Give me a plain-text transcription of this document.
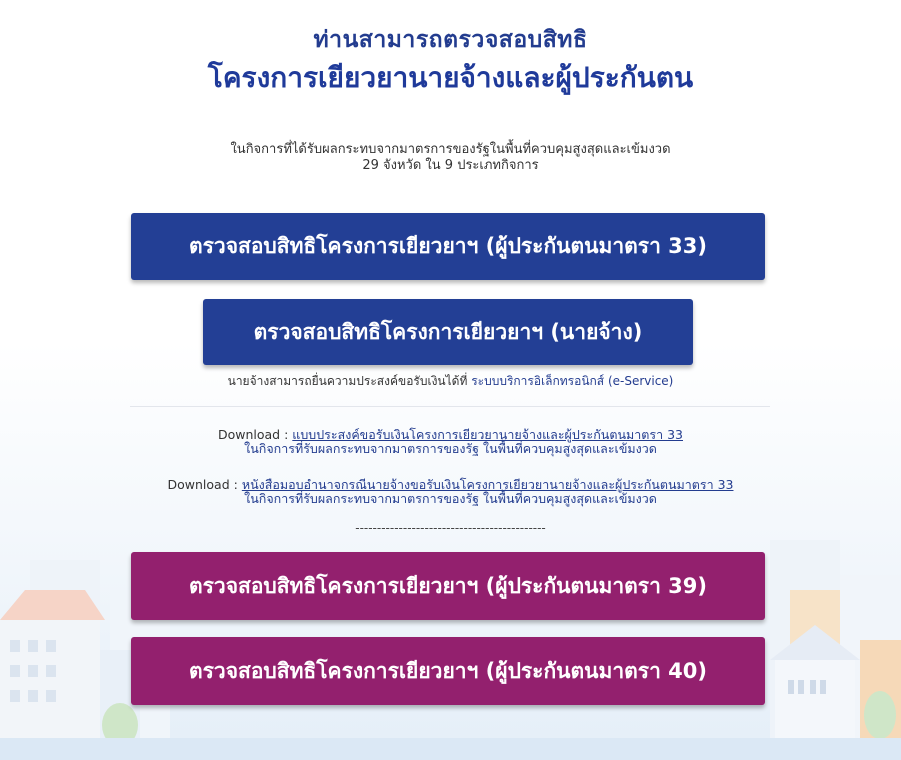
ท่านสามารถตรวจสอบสิทธิ
โครงการเยียวยานายจ้างและผู้ประกันตน
ในกิจการที่ได้รับผลกระทบจากมาตรการของรัฐในพื้นที่ควบคุมสูงสุดและเข้มงวด
29 จังหวัด ใน 9 ประเภทกิจการ
ตรวจสอบสิทธิโครงการเยียวยาฯ (ผู้ประกันตนมาตรา 33)
ตรวจสอบสิทธิโครงการเยียวยาฯ (นายจ้าง)
นายจ้างสามารถยื่นความประสงค์ขอรับเงินได้ที่ ระบบบริการอิเล็กทรอนิกส์ (e-Service)
Download : แบบประสงค์ขอรับเงินโครงการเยียวยานายจ้างและผู้ประกันตนมาตรา 33
ในกิจการที่รับผลกระทบจากมาตรการของรัฐ ในพื้นที่ควบคุมสูงสุดและเข้มงวด
Download : หนังสือมอบอำนาจกรณีนายจ้างขอรับเงินโครงการเยียวยานายจ้างและผู้ประกันตนมาตรา 33
ในกิจการที่รับผลกระทบจากมาตรการของรัฐ ในพื้นที่ควบคุมสูงสุดและเข้มงวด
--------------------------------------------
ตรวจสอบสิทธิโครงการเยียวยาฯ (ผู้ประกันตนมาตรา 39)
ตรวจสอบสิทธิโครงการเยียวยาฯ (ผู้ประกันตนมาตรา 40)
